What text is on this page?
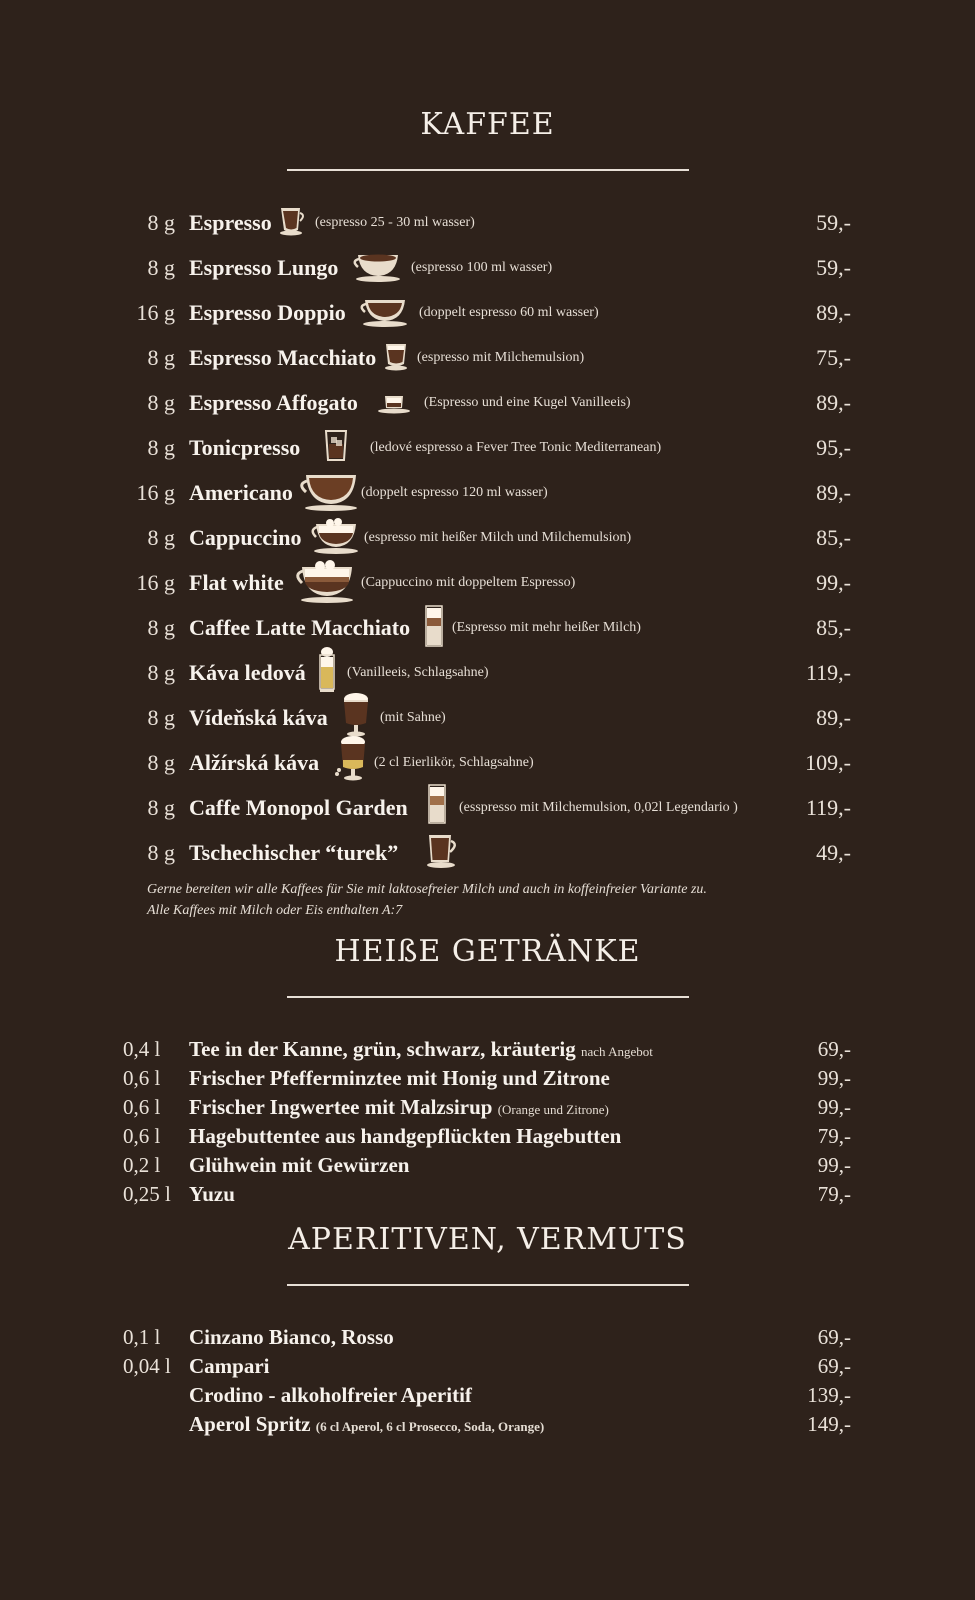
KAFFEE
8 g Espresso	(espresso 25 - 30 ml wasser)	59,-
8 g Espresso Lungo	(espresso 100 ml wasser)	59,-
16 g Espresso Doppio	(doppelt espresso 60 ml wasser)	89,-
8 g Espresso Macchiato	(espresso mit Milchemulsion)	75,-
8 g Espresso Affogato	(Espresso und eine Kugel Vanilleeis)	89,-
8 g Tonicpresso	(ledové espresso a Fever Tree Tonic Mediterranean)	95,-
16 g Americano	(doppelt espresso 120 ml wasser)	89,-
8 g Cappuccino	(espresso mit heißer Milch und Milchemulsion)	85,-
16 g Flat white	(Cappuccino mit doppeltem Espresso)	99,-
8 g Caffee Latte Macchiato	(Espresso mit mehr heißer Milch)	85,-
8 g Káva ledová	(Vanilleeis, Schlagsahne)	119,-
8 g Vídeňská káva	(mit Sahne)	89,-
8 g Alžírská káva	(2 cl Eierlikör, Schlagsahne)	109,-
8 g Caffe Monopol Garden	(esspresso mit Milchemulsion, 0,02l Legendario )	119,-
8 g Tschechischer “turek”	49,-
Gerne bereiten wir alle Kaffees für Sie mit laktosefreier Milch und auch in koffeinfreier Variante zu.
Alle Kaffees mit Milch oder Eis enthalten A:7
HEIßE GETRÄNKE
0,4 l Tee in der Kanne, grün, schwarz, kräuterig nach Angebot	69,-
0,6 l Frischer Pfefferminztee mit Honig und Zitrone	99,-
0,6 l Frischer Ingwertee mit Malzsirup (Orange und Zitrone)	99,-
0,6 l Hagebuttentee aus handgepflückten Hagebutten	79,-
0,2 l Glühwein mit Gewürzen	99,-
0,25 l Yuzu	79,-
APERITIVEN, VERMUTS
0,1 l Cinzano Bianco, Rosso	69,-
0,04 l Campari	69,-
Crodino - alkoholfreier Aperitif	139,-
Aperol Spritz (6 cl Aperol, 6 cl Prosecco, Soda, Orange)	149,-
